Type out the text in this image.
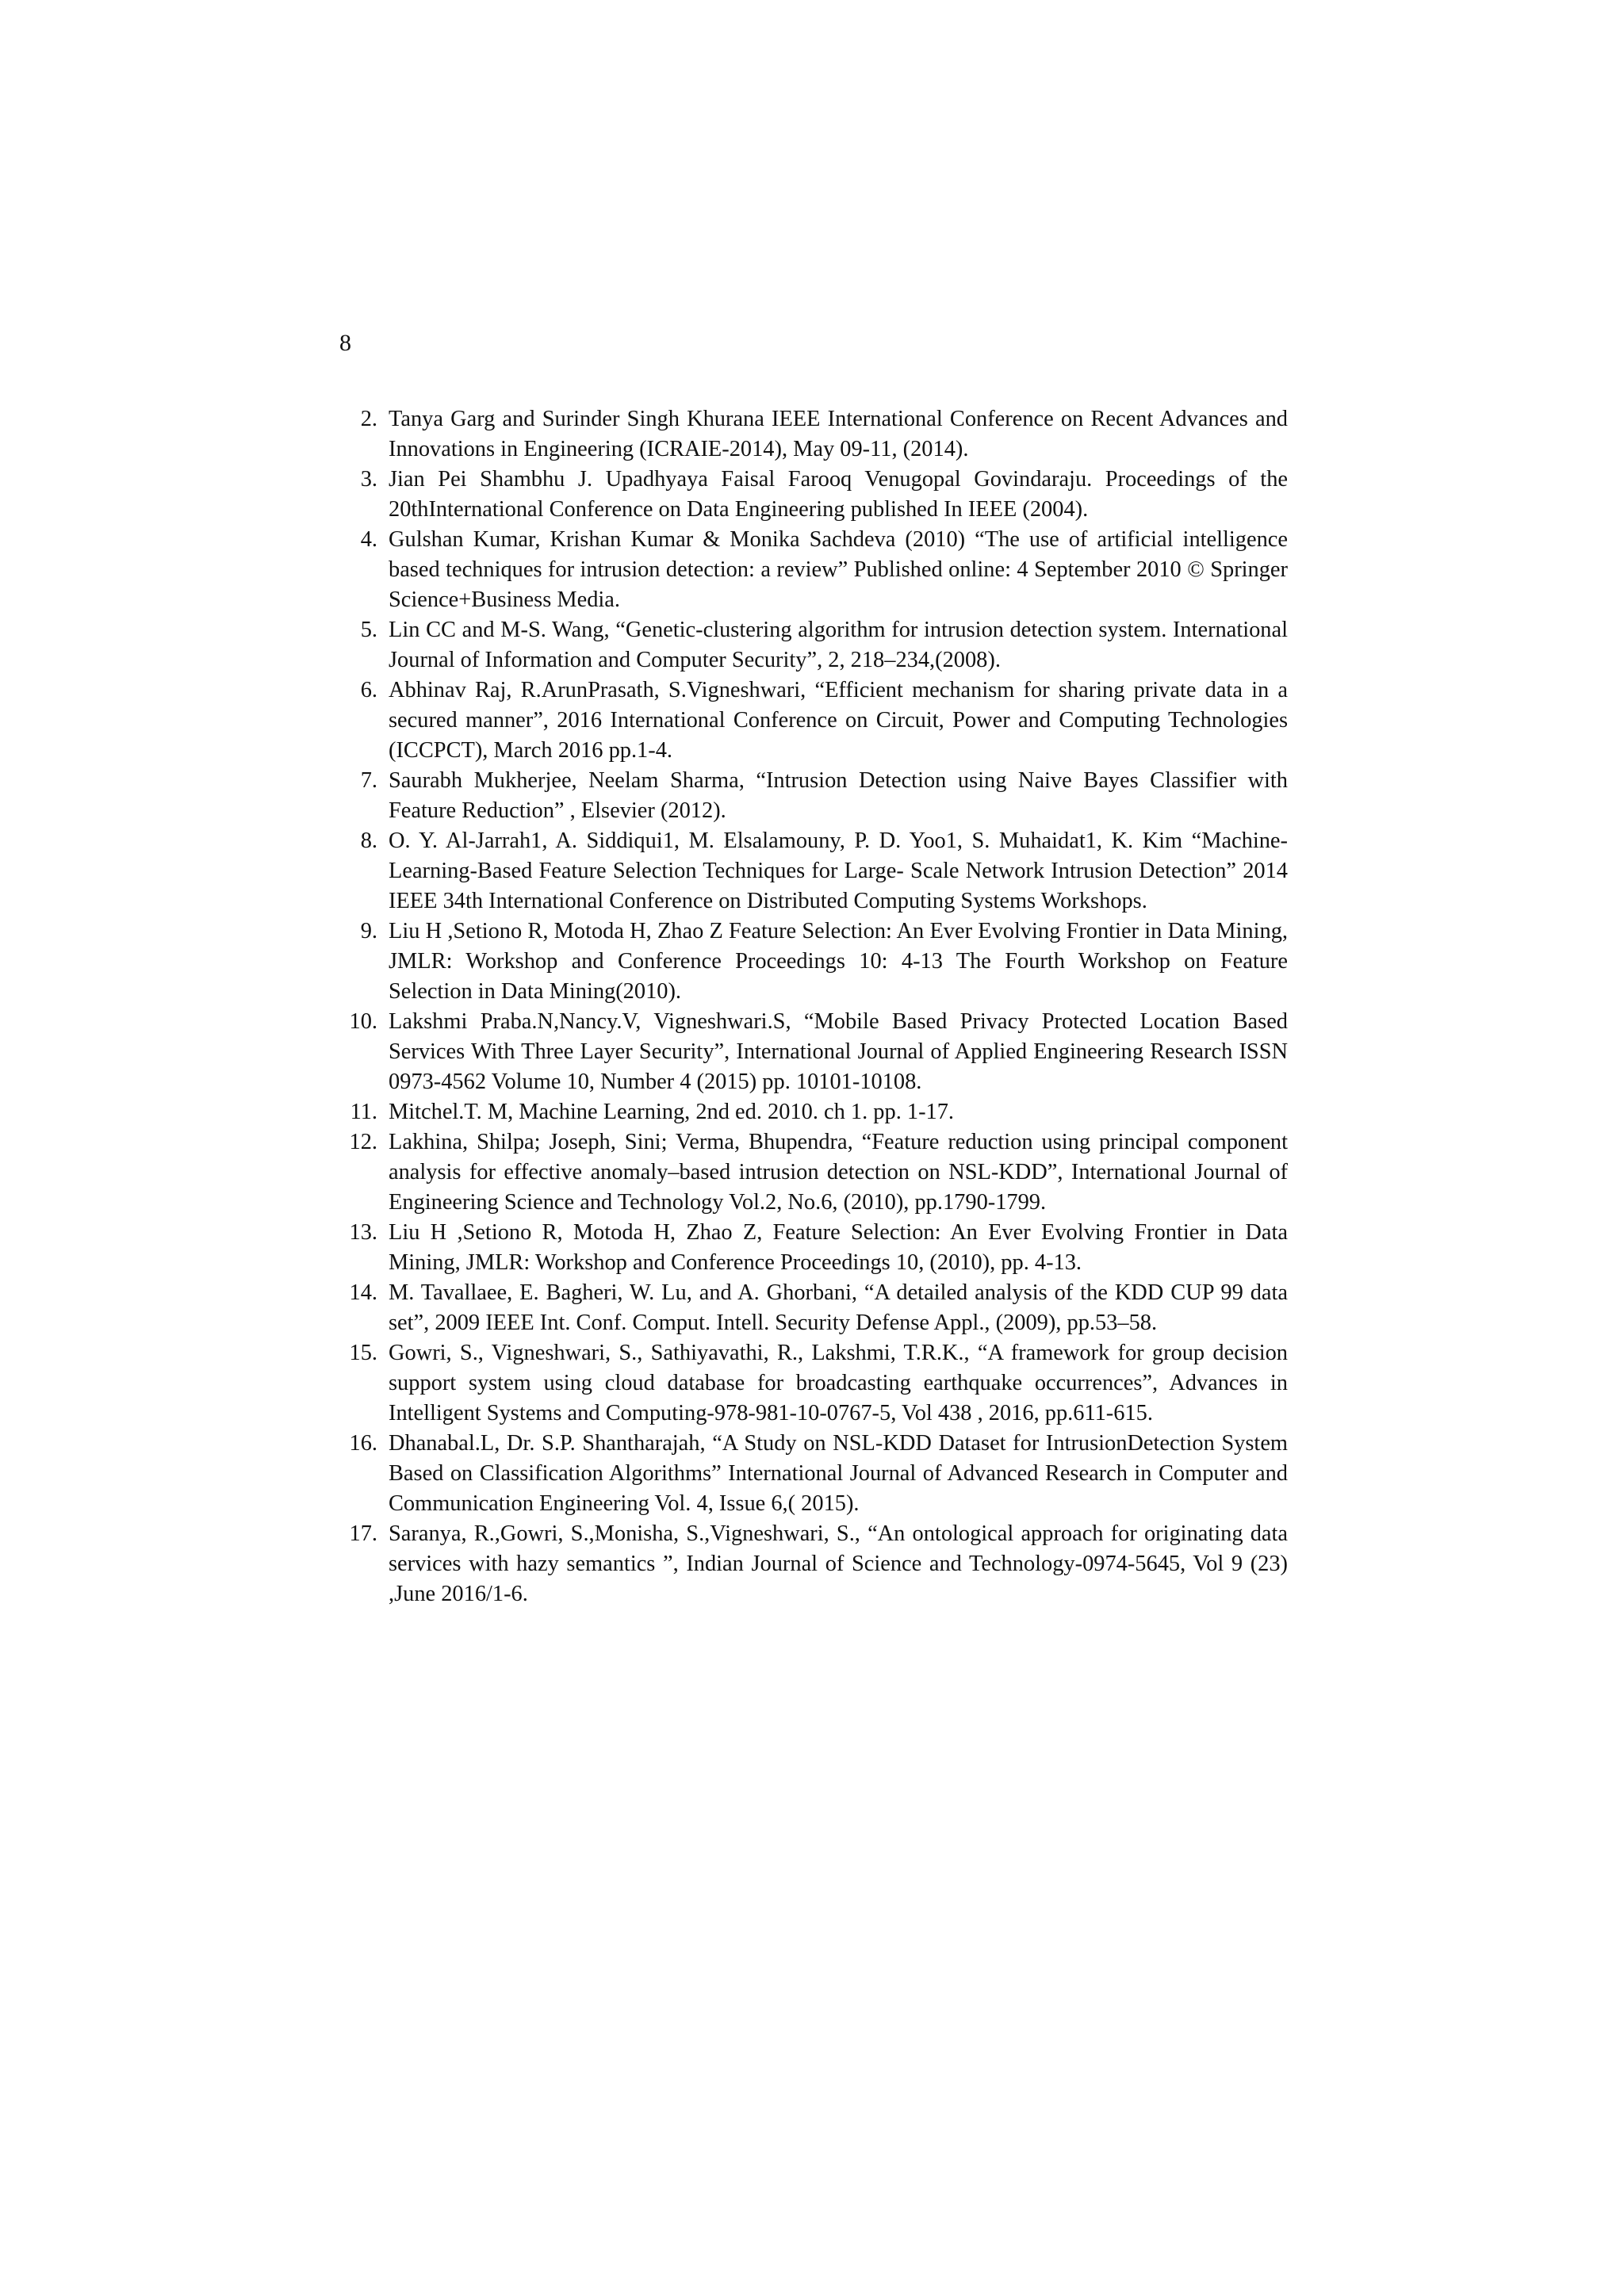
8
2. Tanya Garg and Surinder Singh Khurana IEEE International Conference on Recent Advances and Innovations in Engineering (ICRAIE-2014), May 09-11, (2014).
3. Jian Pei Shambhu J. Upadhyaya Faisal Farooq Venugopal Govindaraju. Proceedings of the 20thInternational Conference on Data Engineering published In IEEE (2004).
4. Gulshan Kumar, Krishan Kumar & Monika Sachdeva (2010) “The use of artificial intelligence based techniques for intrusion detection: a review” Published online: 4 September 2010 © Springer Science+Business Media.
5. Lin CC and M-S. Wang, “Genetic-clustering algorithm for intrusion detection system. International Journal of Information and Computer Security”, 2, 218–234,(2008).
6. Abhinav Raj, R.ArunPrasath, S.Vigneshwari, “Efficient mechanism for sharing private data in a secured manner”, 2016 International Conference on Circuit, Power and Computing Technologies (ICCPCT), March 2016 pp.1-4.
7. Saurabh Mukherjee, Neelam Sharma, “Intrusion Detection using Naive Bayes Classifier with Feature Reduction” , Elsevier (2012).
8. O. Y. Al-Jarrah1, A. Siddiqui1, M. Elsalamouny, P. D. Yoo1, S. Muhaidat1, K. Kim “Machine- Learning-Based Feature Selection Techniques for Large- Scale Network Intrusion Detection” 2014 IEEE 34th International Conference on Distributed Computing Systems Workshops.
9. Liu H ,Setiono R, Motoda H, Zhao Z Feature Selection: An Ever Evolving Frontier in Data Mining, JMLR: Workshop and Conference Proceedings 10: 4-13 The Fourth Workshop on Feature Selection in Data Mining(2010).
10. Lakshmi Praba.N,Nancy.V, Vigneshwari.S, “Mobile Based Privacy Protected Location Based Services With Three Layer Security”, International Journal of Applied Engineering Research ISSN 0973-4562 Volume 10, Number 4 (2015) pp. 10101-10108.
11. Mitchel.T. M, Machine Learning, 2nd ed. 2010. ch 1. pp. 1-17.
12. Lakhina, Shilpa; Joseph, Sini; Verma, Bhupendra, “Feature reduction using principal component analysis for effective anomaly–based intrusion detection on NSL-KDD”, International Journal of Engineering Science and Technology Vol.2, No.6, (2010), pp.1790-1799.
13. Liu H ,Setiono R, Motoda H, Zhao Z, Feature Selection: An Ever Evolving Frontier in Data Mining, JMLR: Workshop and Conference Proceedings 10, (2010), pp. 4-13.
14. M. Tavallaee, E. Bagheri, W. Lu, and A. Ghorbani, “A detailed analysis of the KDD CUP 99 data set”, 2009 IEEE Int. Conf. Comput. Intell. Security Defense Appl., (2009), pp.53–58.
15. Gowri, S., Vigneshwari, S., Sathiyavathi, R., Lakshmi, T.R.K., “A framework for group decision support system using cloud database for broadcasting earthquake occurrences”, Advances in Intelligent Systems and Computing-978-981-10-0767-5, Vol 438 , 2016, pp.611-615.
16. Dhanabal.L, Dr. S.P. Shantharajah, “A Study on NSL-KDD Dataset for IntrusionDetection System Based on Classification Algorithms” International Journal of Advanced Research in Computer and Communication Engineering Vol. 4, Issue 6,( 2015).
17. Saranya, R.,Gowri, S.,Monisha, S.,Vigneshwari, S., “An ontological approach for originating data services with hazy semantics ”, Indian Journal of Science and Technology-0974-5645, Vol 9 (23) ,June 2016/1-6.
